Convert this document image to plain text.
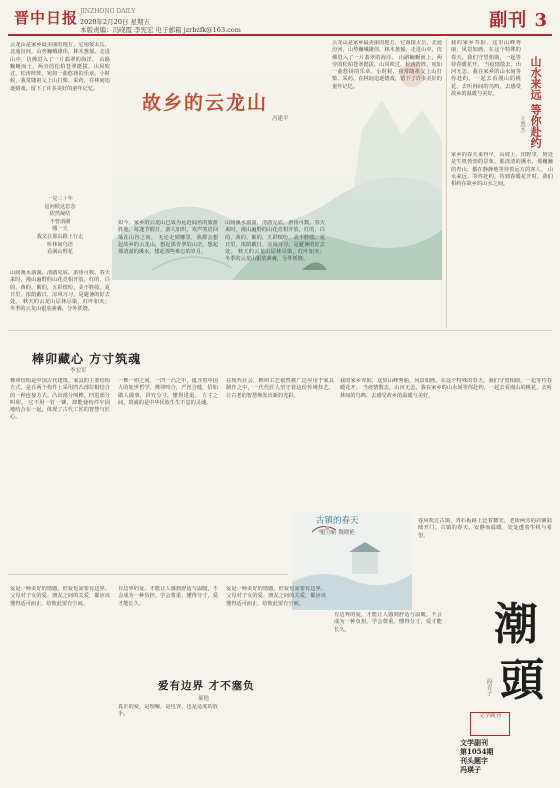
晋中日报 JINZHONG DAILY
2020年2月20日 星期五
本版责编：冯晓霞 李宪宏 电子邮箱 jzrbzfk@163.com	副刊 3
故乡的云龙山
冯建平
云龙山是家乡最美丽的地方，它南接太岳，北通汾河，山势巍峨雄伟，林木葱郁。走进山中，仿佛进入了一片翡翠的海洋。 山路蜿蜒而上，两旁的松柏苍翠挺拔，山风吹过，松涛阵阵，宛如一曲悠扬的乐章。小时候，我常随祖父上山打柴、采药，在林间追逐嬉戏，留下了许多美好的童年记忆。
一晃三十年
这问候这思念
依然凝结
不曾消融
哪一天
我又在那山路上行走
听林间鸟语
看满山野花
山间溪水潺潺，清澈见底，游鱼可数。春天来时，漫山遍野的山花竞相开放，红的、白的、黄的、紫的，五彩缤纷，美不胜收。夏日里，浓荫蔽日，凉风习习，是避暑的好去处。 秋天的云龙山层林尽染，红叶如火；冬季的云龙山银装素裹，分外妖娆。
如今，家乡的云龙山已成为远近闻名的旅游胜地。每逢节假日，游人如织，欢声笑语回荡在山谷之间。 无论走到哪里，我都会想起故乡的云龙山，想起那青翠的山峦，想起那清澈的溪水，想起那些难忘的岁月。
山间溪水潺潺，清澈见底，游鱼可数。春天来时，漫山遍野的山花竞相开放，红的、白的、黄的、紫的，五彩缤纷，美不胜收。夏日里，浓荫蔽日，凉风习习，是避暑的好去处。 秋天的云龙山层林尽染，红叶如火；冬季的云龙山银装素裹，分外妖娆。
云龙山是家乡最美丽的地方，它南接太岳，北通汾河，山势巍峨雄伟，林木葱郁。走进山中，仿佛进入了一片翡翠的海洋。 山路蜿蜒而上，两旁的松柏苍翠挺拔，山风吹过，松涛阵阵，宛如一曲悠扬的乐章。小时候，我常随祖父上山打柴、采药，在林间追逐嬉戏，留下了许多美好的童年记忆。
我的家乡寿阳，这里山峰秀丽，风景如画。在这个特殊的春天，我们守望相助，一起等待春暖花开。 当疫情散去，山河无恙，我在家乡的山水间等你赴约，一起去看漫山的桃花，去听林间的鸟鸣，去感受故乡的温暖与美好。	山水来远 等你赴约
王黑杰
家乡的春天来得早，山坡上、田野里，到处是生机勃勃的景象。那清清的溪水，那巍巍的青山，都在静静地等待着远方的客人。 山水来远，等你赴约。待到春暖花开时，我们相约在故乡的山水之间。
棒卯藏心 方寸筑魂
李宏军
榫卯结构是中国古代建筑、家具的主要结构方式，是在两个构件上采用凹凸部位相结合的一种连接方式。凸出部分叫榫，凹进部分叫卯。 它不用一钉一铆，却能使构件牢固地结合在一起，体现了古代工匠的智慧与匠心。
一榫一卯之间，一凹一凸之中，蕴含着中国人的处世哲学。榫卯咬合，严丝合缝，恰如做人做事，讲究分寸，懂得进退。 方寸之间，筑就的是中华民族生生不息的灵魂。
在现代社会，榫卯工艺依然被广泛应用于家具制作之中，一代代匠人坚守着这份传统技艺，让古老的智慧焕发出新的光彩。
古镇的春天
董立富 魏晓艳
春风吹过古镇，青石板路上泛着微光，老街两旁的店铺陆续开门。古镇的春天，安静而温暖，处处透着生机与希望。
我的家乡寿阳，这里山峰秀丽，风景如画。在这个特殊的春天，我们守望相助，一起等待春暖花开。 当疫情散去，山河无恙，我在家乡的山水间等你赴约，一起去看漫山的桃花，去听林间的鸟鸣，去感受故乡的温暖与美好。
爱有边界 才不塞负
郝艳
爱是一种美好的情感，但爱也需要有边界。父母对子女的爱、朋友之间的关爱，都应该懂得适可而止，给彼此留有空间。
有边界的爱，才能让人感到舒适与温暖，不会成为一种负担。学会尊重，懂得分寸，爱才能长久。
真正的爱，是理解，是包容，也是适度的放手。
爱是一种美好的情感，但爱也需要有边界。父母对子女的爱、朋友之间的关爱，都应该懂得适可而止，给彼此留有空间。
有边界的爱，才能让人感到舒适与温暖，不会成为一种负担。学会尊重，懂得分寸，爱才能长久。	潮
頭
海青子
文学副刊
文学副刊
第1054期
刊头题字
冯瑛子
